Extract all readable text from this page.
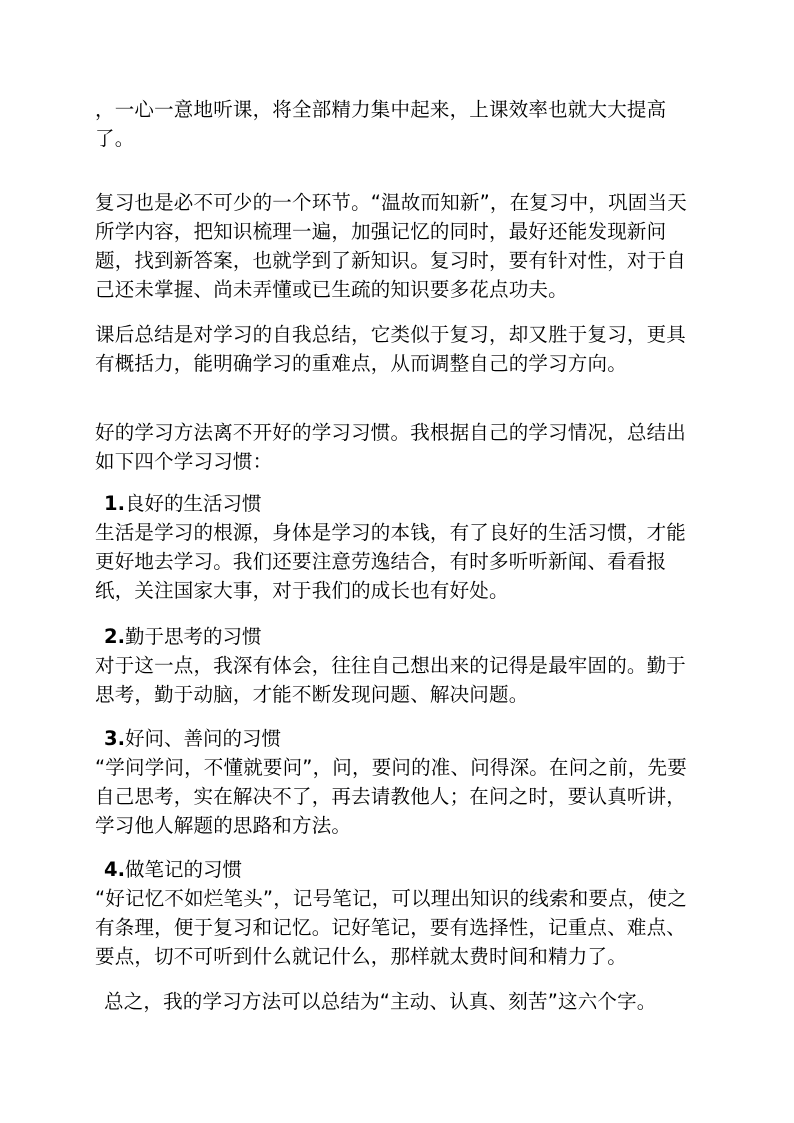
，一心一意地听课，将全部精力集中起来，上课效率也就大大提高了。

复习也是必不可少的一个环节。“温故而知新”，在复习中，巩固当天所学内容，把知识梳理一遍，加强记忆的同时，最好还能发现新问题，找到新答案，也就学到了新知识。复习时，要有针对性，对于自己还未掌握、尚未弄懂或已生疏的知识要多花点功夫。

课后总结是对学习的自我总结，它类似于复习，却又胜于复习，更具有概括力，能明确学习的重难点，从而调整自己的学习方向。

好的学习方法离不开好的学习习惯。我根据自己的学习情况，总结出如下四个学习习惯：

1.良好的生活习惯

生活是学习的根源，身体是学习的本钱，有了良好的生活习惯，才能更好地去学习。我们还要注意劳逸结合，有时多听听新闻、看看报纸，关注国家大事，对于我们的成长也有好处。

2.勤于思考的习惯

对于这一点，我深有体会，往往自己想出来的记得是最牢固的。勤于思考，勤于动脑，才能不断发现问题、解决问题。

3.好问、善问的习惯

“学问学问，不懂就要问”，问，要问的准、问得深。在问之前，先要自己思考，实在解决不了，再去请教他人；在问之时，要认真听讲，学习他人解题的思路和方法。

4.做笔记的习惯

“好记忆不如烂笔头”，记号笔记，可以理出知识的线索和要点，使之有条理，便于复习和记忆。记好笔记，要有选择性，记重点、难点、要点，切不可听到什么就记什么，那样就太费时间和精力了。

总之，我的学习方法可以总结为“主动、认真、刻苦”这六个字。
